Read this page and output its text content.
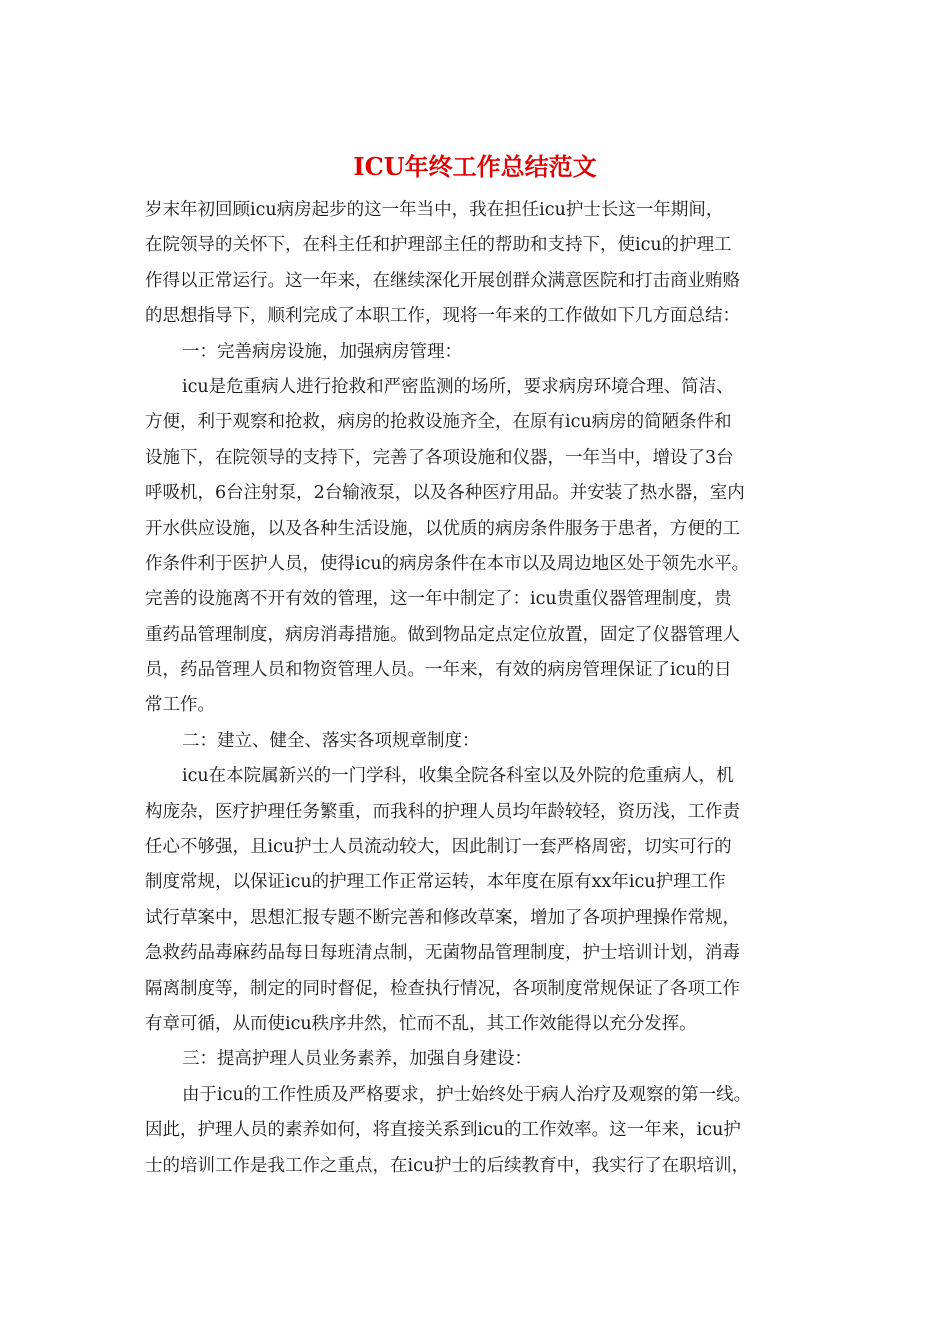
ICU年终工作总结范文
岁末年初回顾icu病房起步的这一年当中，我在担任icu护士长这一年期间，
在院领导的关怀下，在科主任和护理部主任的帮助和支持下，使icu的护理工
作得以正常运行。这一年来，在继续深化开展创群众满意医院和打击商业贿赂
的思想指导下，顺利完成了本职工作，现将一年来的工作做如下几方面总结：
一：完善病房设施，加强病房管理：
icu是危重病人进行抢救和严密监测的场所，要求病房环境合理、简洁、
方便，利于观察和抢救，病房的抢救设施齐全，在原有icu病房的简陋条件和
设施下，在院领导的支持下，完善了各项设施和仪器，一年当中，增设了3台
呼吸机，6台注射泵，2台输液泵，以及各种医疗用品。并安装了热水器，室内
开水供应设施，以及各种生活设施，以优质的病房条件服务于患者，方便的工
作条件利于医护人员，使得icu的病房条件在本市以及周边地区处于领先水平。
完善的设施离不开有效的管理，这一年中制定了：icu贵重仪器管理制度，贵
重药品管理制度，病房消毒措施。做到物品定点定位放置，固定了仪器管理人
员，药品管理人员和物资管理人员。一年来，有效的病房管理保证了icu的日
常工作。
二：建立、健全、落实各项规章制度：
icu在本院属新兴的一门学科，收集全院各科室以及外院的危重病人，机
构庞杂，医疗护理任务繁重，而我科的护理人员均年龄较轻，资历浅，工作责
任心不够强，且icu护士人员流动较大，因此制订一套严格周密，切实可行的
制度常规，以保证icu的护理工作正常运转，本年度在原有xx年icu护理工作
试行草案中，思想汇报专题不断完善和修改草案，增加了各项护理操作常规，
急救药品毒麻药品每日每班清点制，无菌物品管理制度，护士培训计划，消毒
隔离制度等，制定的同时督促，检查执行情况，各项制度常规保证了各项工作
有章可循，从而使icu秩序井然，忙而不乱，其工作效能得以充分发挥。
三：提高护理人员业务素养，加强自身建设：
由于icu的工作性质及严格要求，护士始终处于病人治疗及观察的第一线。
因此，护理人员的素养如何，将直接关系到icu的工作效率。这一年来，icu护
士的培训工作是我工作之重点，在icu护士的后续教育中，我实行了在职培训，
